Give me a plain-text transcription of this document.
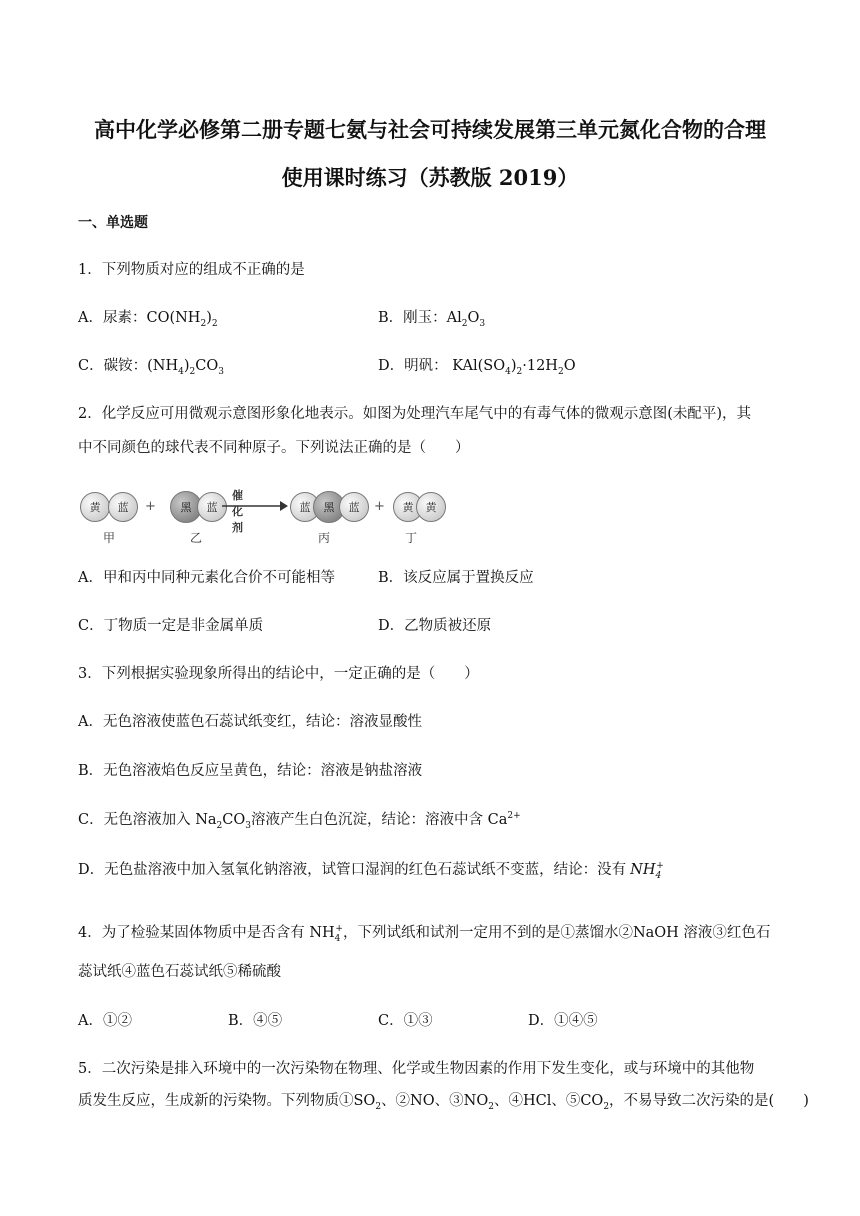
高中化学必修第二册专题七氨与社会可持续发展第三单元氮化合物的合理
使用课时练习（苏教版 2019）
一、单选题
1．下列物质对应的组成不正确的是
A．尿素：$CO(NH_2)_2$	B．刚玉：$Al_2O_3$
C．碳铵：$(NH_4)_2CO_3$	D．明矾： $KAl(SO_4)_2\cdot 12H_2O$
2．化学反应可用微观示意图形象化地表示。如图为处理汽车尾气中的有毒气体的微观示意图(未配平)，其
中不同颜色的球代表不同种原子。下列说法正确的是（　　）
黄	蓝	+	黑	蓝
催化剂
蓝	黑	蓝	+	黄	黄
甲	乙	丙	丁
A．甲和丙中同种元素化合价不可能相等	B．该反应属于置换反应
C．丁物质一定是非金属单质	D．乙物质被还原
3．下列根据实验现象所得出的结论中，一定正确的是（　　）
A．无色溶液使蓝色石蕊试纸变红，结论：溶液显酸性
B．无色溶液焰色反应呈黄色，结论：溶液是钠盐溶液
C．无色溶液加入 $Na_2CO_3$溶液产生白色沉淀，结论：溶液中含 $Ca^{2+}$
D．无色盐溶液中加入氢氧化钠溶液，试管口湿润的红色石蕊试纸不变蓝，结论：没有 $NH_4^+$
4．为了检验某固体物质中是否含有 $NH_4^+$，下列试纸和试剂一定用不到的是①蒸馏水②NaOH 溶液③红色石
蕊试纸④蓝色石蕊试纸⑤稀硫酸
A．①②	B．④⑤	C．①③	D．①④⑤
5．二次污染是排入环境中的一次污染物在物理、化学或生物因素的作用下发生变化，或与环境中的其他物
质发生反应，生成新的污染物。下列物质$①SO_2$、②NO、$③NO_2$、④HCl、$⑤CO_2$，不易导致二次污染的是(　　)
